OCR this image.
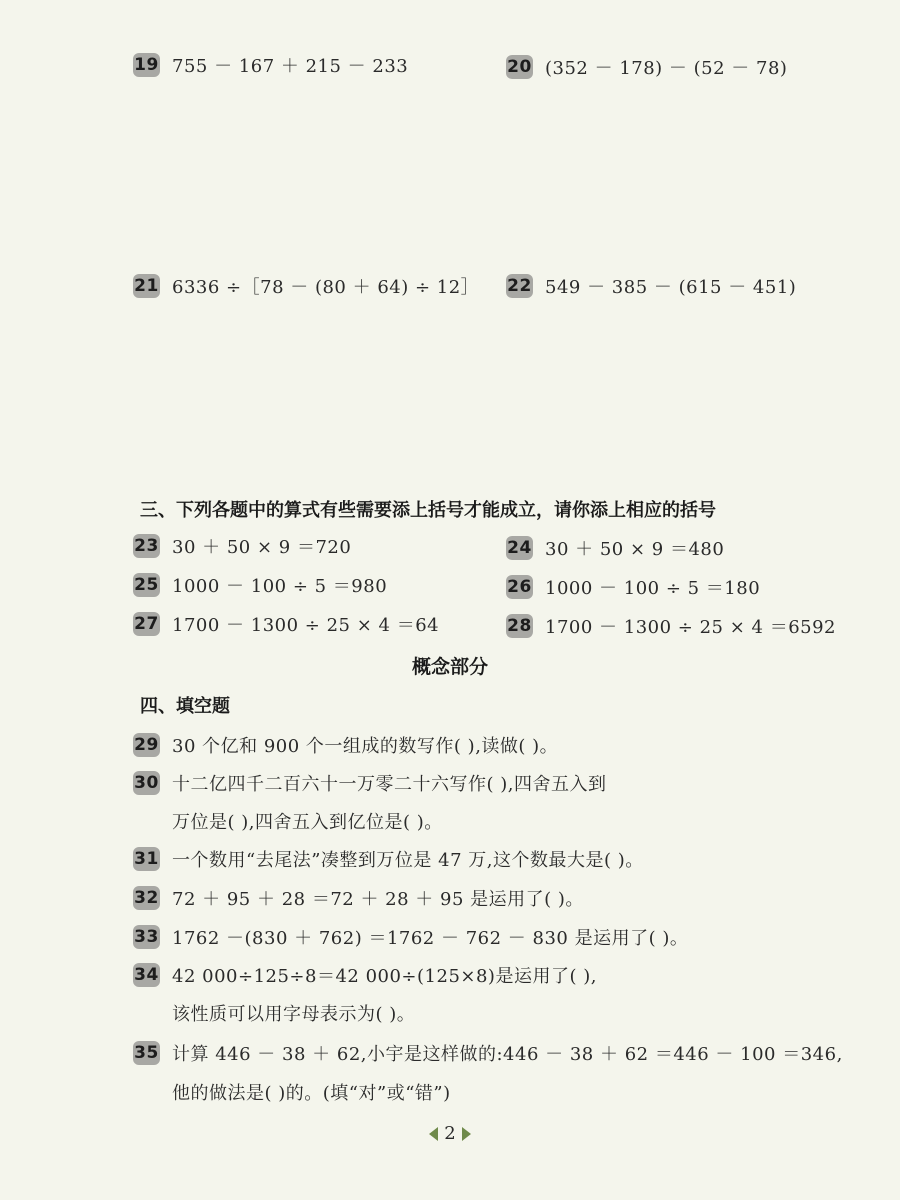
19 755 － 167 ＋ 215 － 233	20 (352 － 178) － (52 － 78)
21 6336 ÷［78 － (80 ＋ 64) ÷ 12］ 22 549 － 385 － (615 － 451)
三、下列各题中的算式有些需要添上括号才能成立，请你添上相应的括号
23 30 ＋ 50 × 9 ＝720	24 30 ＋ 50 × 9 ＝480
25 1000 － 100 ÷ 5 ＝980	26 1000 － 100 ÷ 5 ＝180
27 1700 － 1300 ÷ 25 × 4 ＝64	28 1700 － 1300 ÷ 25 × 4 ＝6592
概念部分
四、填空题
29 30 个亿和 900 个一组成的数写作( ),读做( )。
30 十二亿四千二百六十一万零二十六写作( ),四舍五入到
万位是( ),四舍五入到亿位是( )。
31 一个数用“去尾法”凑整到万位是 47 万,这个数最大是( )。
32 72 ＋ 95 ＋ 28 ＝72 ＋ 28 ＋ 95 是运用了( )。
33 1762 －(830 ＋ 762) ＝1762 － 762 － 830 是运用了( )。
34 42 000÷125÷8＝42 000÷(125×8)是运用了( ),
该性质可以用字母表示为( )。
35 计算 446 － 38 ＋ 62,小宇是这样做的:446 － 38 ＋ 62 ＝446 － 100 ＝346,
他的做法是( )的。(填“对”或“错”)
2
